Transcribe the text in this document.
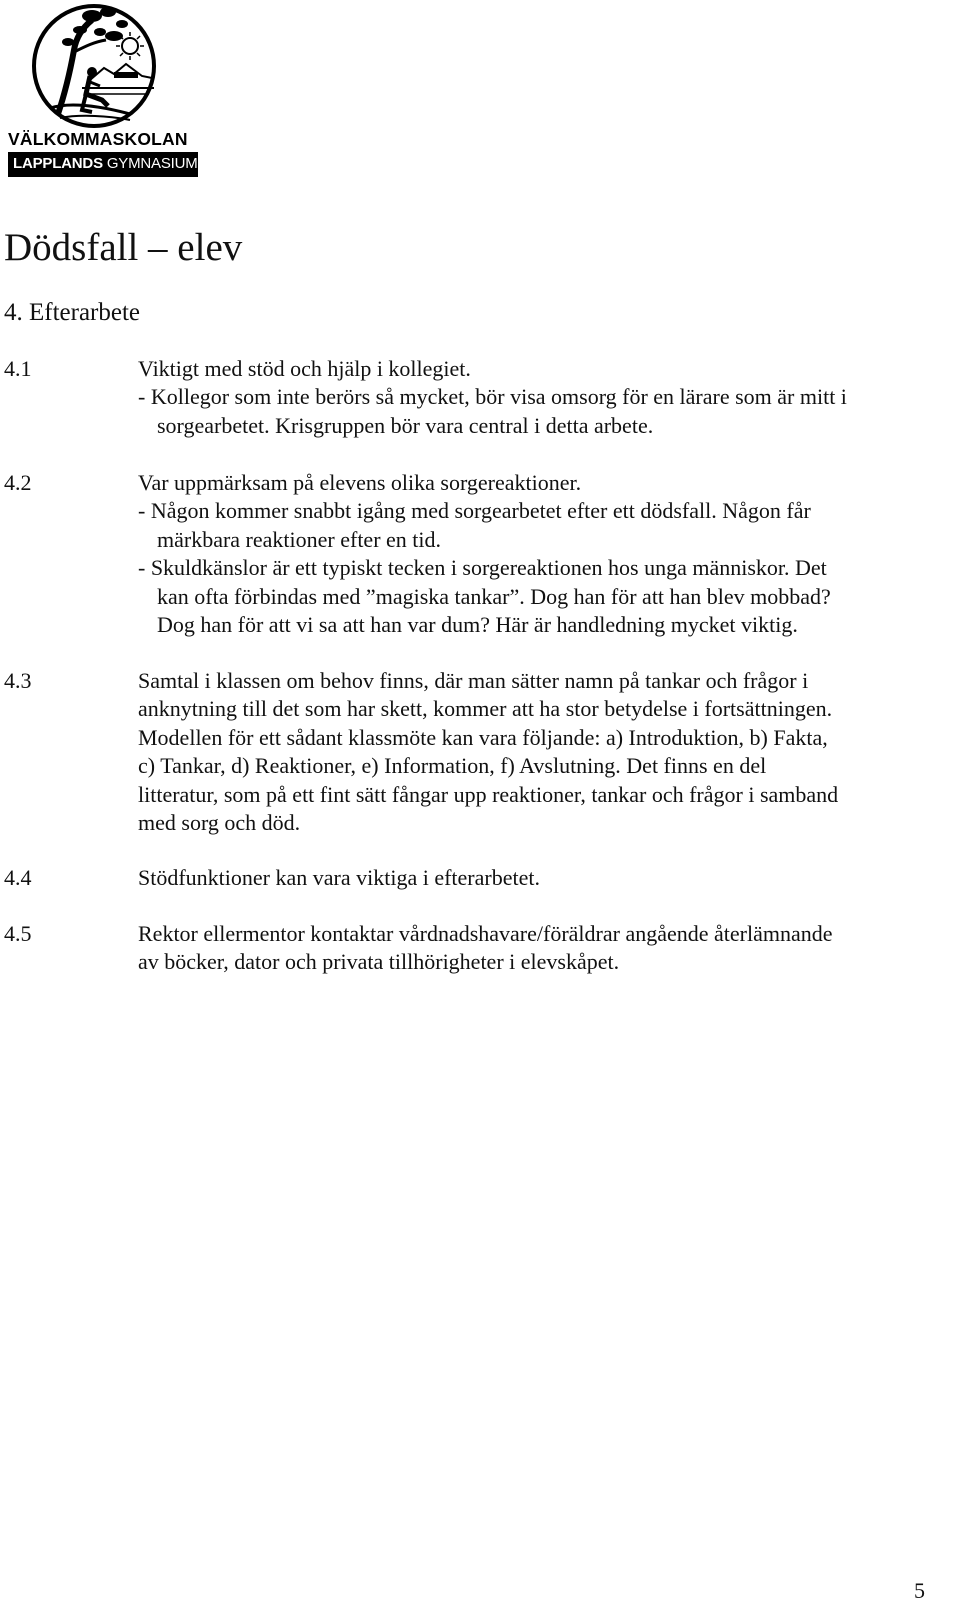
VÄLKOMMASKOLAN
LAPPLANDS GYMNASIUM
Dödsfall – elev
4. Efterarbete
4.1	Viktigt med stöd och hjälp i kollegiet.
- Kollegor som inte berörs så mycket, bör visa omsorg för en lärare som är mitt i
sorgearbetet. Krisgruppen bör vara central i detta arbete.
4.2	Var uppmärksam på elevens olika sorgereaktioner.
- Någon kommer snabbt igång med sorgearbetet efter ett dödsfall. Någon får
märkbara reaktioner efter en tid.
- Skuldkänslor är ett typiskt tecken i sorgereaktionen hos unga människor. Det
kan ofta förbindas med ”magiska tankar”. Dog han för att han blev mobbad?
Dog han för att vi sa att han var dum? Här är handledning mycket viktig.
4.3	Samtal i klassen om behov finns, där man sätter namn på tankar och frågor i
anknytning till det som har skett, kommer att ha stor betydelse i fortsättningen.
Modellen för ett sådant klassmöte kan vara följande: a) Introduktion, b) Fakta,
c) Tankar, d) Reaktioner, e) Information, f) Avslutning. Det finns en del
litteratur, som på ett fint sätt fångar upp reaktioner, tankar och frågor i samband
med sorg och död.
4.4	Stödfunktioner kan vara viktiga i efterarbetet.
4.5	Rektor ellermentor kontaktar vårdnadshavare/föräldrar angående återlämnande
av böcker, dator och privata tillhörigheter i elevskåpet.
5
